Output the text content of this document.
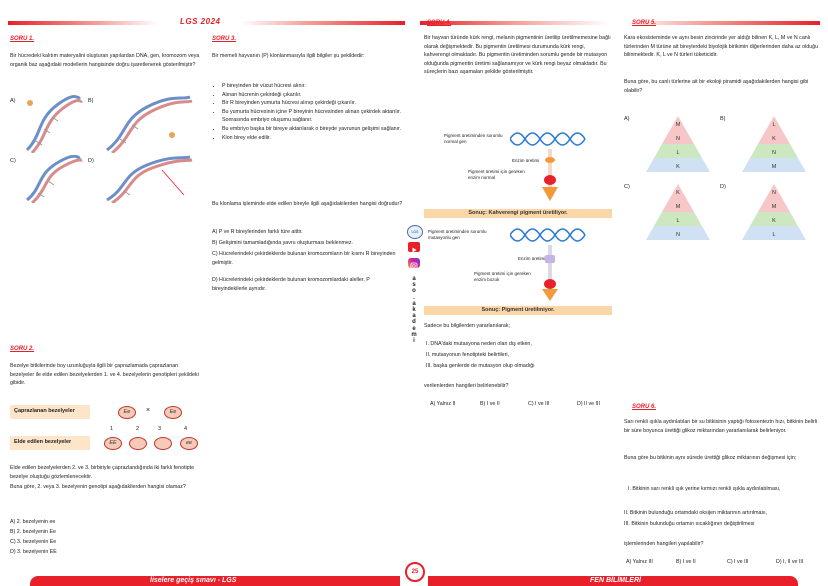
LGS 2024
SORU 1.
Bir hücredeki kalıtım materyalini oluşturan yapılardan DNA, gen, kromozom veya organik baz aşağıdaki modellerin hangisinde doğru işaretlenerek gösterilmiştir?
A)	B)
C)	D)
SORU 2.
Bezelye bitkilerinde boy uzunluğuyla ilgili bir çaprazlamada çaprazlanan bezelyeler ile elde edilen bezelyelerden 1. ve 4. bezelyelerin genotipleri şekildeki gibidir.
Çaprazlanan bezelyeler	Ee	×	Ee
1	2	3	4
Elde edilen bezelyeler	EE	ee
Elde edilen bezelyelerden 2. ve 3. birbiriyle çaprazlandığında iki farklı fenotipte bezelye oluştuğu gözlemlenecektir.
Buna göre, 2. veya 3. bezelyenin genotipi aşağıdakilerden hangisi olamaz?
A) 2. bezelyenin ee
B) 2. bezelyenin Ee
C) 3. bezelyenin Ee
D) 3. bezelyenin EE
SORU 3.
Bir memeli hayvanın (P) klonlanmasıyla ilgili bilgiler şu şekildedir:
• P bireyinden bir vücut hücresi alınır.
• Alınan hücrenin çekirdeği çıkarılır.
• Bir R bireyinden yumurta hücresi alınıp çekirdeği çıkarılır.
• Bu yumurta hücresinin içine P bireyinin hücresinden alınan çekirdek aktarılır. Sonrasında embriyo oluşumu sağlanır.
• Bu embriyo başka bir bireye aktarılarak o bireyde yavrunun gelişimi sağlanır.
• Klon birey elde edilir.
Bu klonlama işleminde elde edilen bireyle ilgili aşağıdakilerden hangisi doğrudur?
A) P ve R bireylerinden farklı türe aittir.
B) Gelişimini tamamladığında yavru oluşturması beklenmez.
C) Hücrelerindeki çekirdeklerde bulunan kromozomların bir kısmı R bireyinden gelmiştir.
D) Hücrelerindeki çekirdeklerde bulunan kromozomlardaki aleller, P bireyindekilerle aynıdır.
LGS
a
s
o
.
a
k
a
d
e
m
i
SORU 4.
Bir hayvan türünde kürk rengi, melanin pigmentinin üretilip üretilmemesine bağlı olarak değişmektedir. Bu pigmentin üretilmesi durumunda kürk rengi, kahverengi olmaktadır. Bu pigmentin üretiminden sorumlu gende bir mutasyon olduğunda pigmentin üretimi sağlanamıyor ve kürk rengi beyaz olmaktadır. Bu süreçlerin bazı aşamaları şekilde gösterilmiştir.
Pigment üretiminden sorumlu normal gen
Enzim üretimi
Pigment üretimi için gereken enzim normal
Sonuç: Kahverengi pigment üretiliyor.
Pigment üretiminden sorumlu mutasyonlu gen
Enzim üretimi
Pigment üretimi için gereken enzim bozuk
Sonuç: Pigment üretilmiyor.
Sadece bu bilgilerden yararlanılarak;
I. DNA'daki mutasyona neden olan dış etken,
II. mutasyonun fenotipteki belirtileri,
III. başka genlerde de mutasyon olup olmadığı
verilenlerden hangileri belirlenebilir?
A) Yalnız II	B) I ve II	C) I ve III	D) II ve III
SORU 5.
Kara ekosisteminde ve aynı besin zincirinde yer aldığı bilinen K, L, M ve N canlı türlerinden M türüne ait bireylerdeki biyolojik birikimin diğerlerinden daha az olduğu bilinmektedir. K, L ve N türleri tüketicidir.
Buna göre, bu canlı türlerine ait bir ekoloji piramidi aşağıdakilerden hangisi gibi olabilir?
A)	B)
C)	D)
M
N
L
K
L
K
N
M
K
M
L
N
N
M
K
L
SORU 6.
Sarı renkli ışıkla aydınlatılan bir su bitkisinin yaptığı fotosentezin hızı, bitkinin belirli bir süre boyunca ürettiği glikoz miktarından yararlanılarak belirleniyor.
Buna göre bu bitkinin aynı sürede ürettiği glikoz miktarının değişmesi için;
I. Bitkinin sarı renkli ışık yerine kırmızı renkli ışıkla aydınlatılması,
II. Bitkinin bulunduğu ortamdaki oksijen miktarının artırılması,
III. Bitkinin bulunduğu ortamın sıcaklığının değiştirilmesi
işlemlerinden hangileri yapılabilir?
A) Yalnız III	B) I ve II	C) I ve III	D) I, II ve III
liselere geçiş sınavı - LGS	FEN BİLİMLERİ
25
